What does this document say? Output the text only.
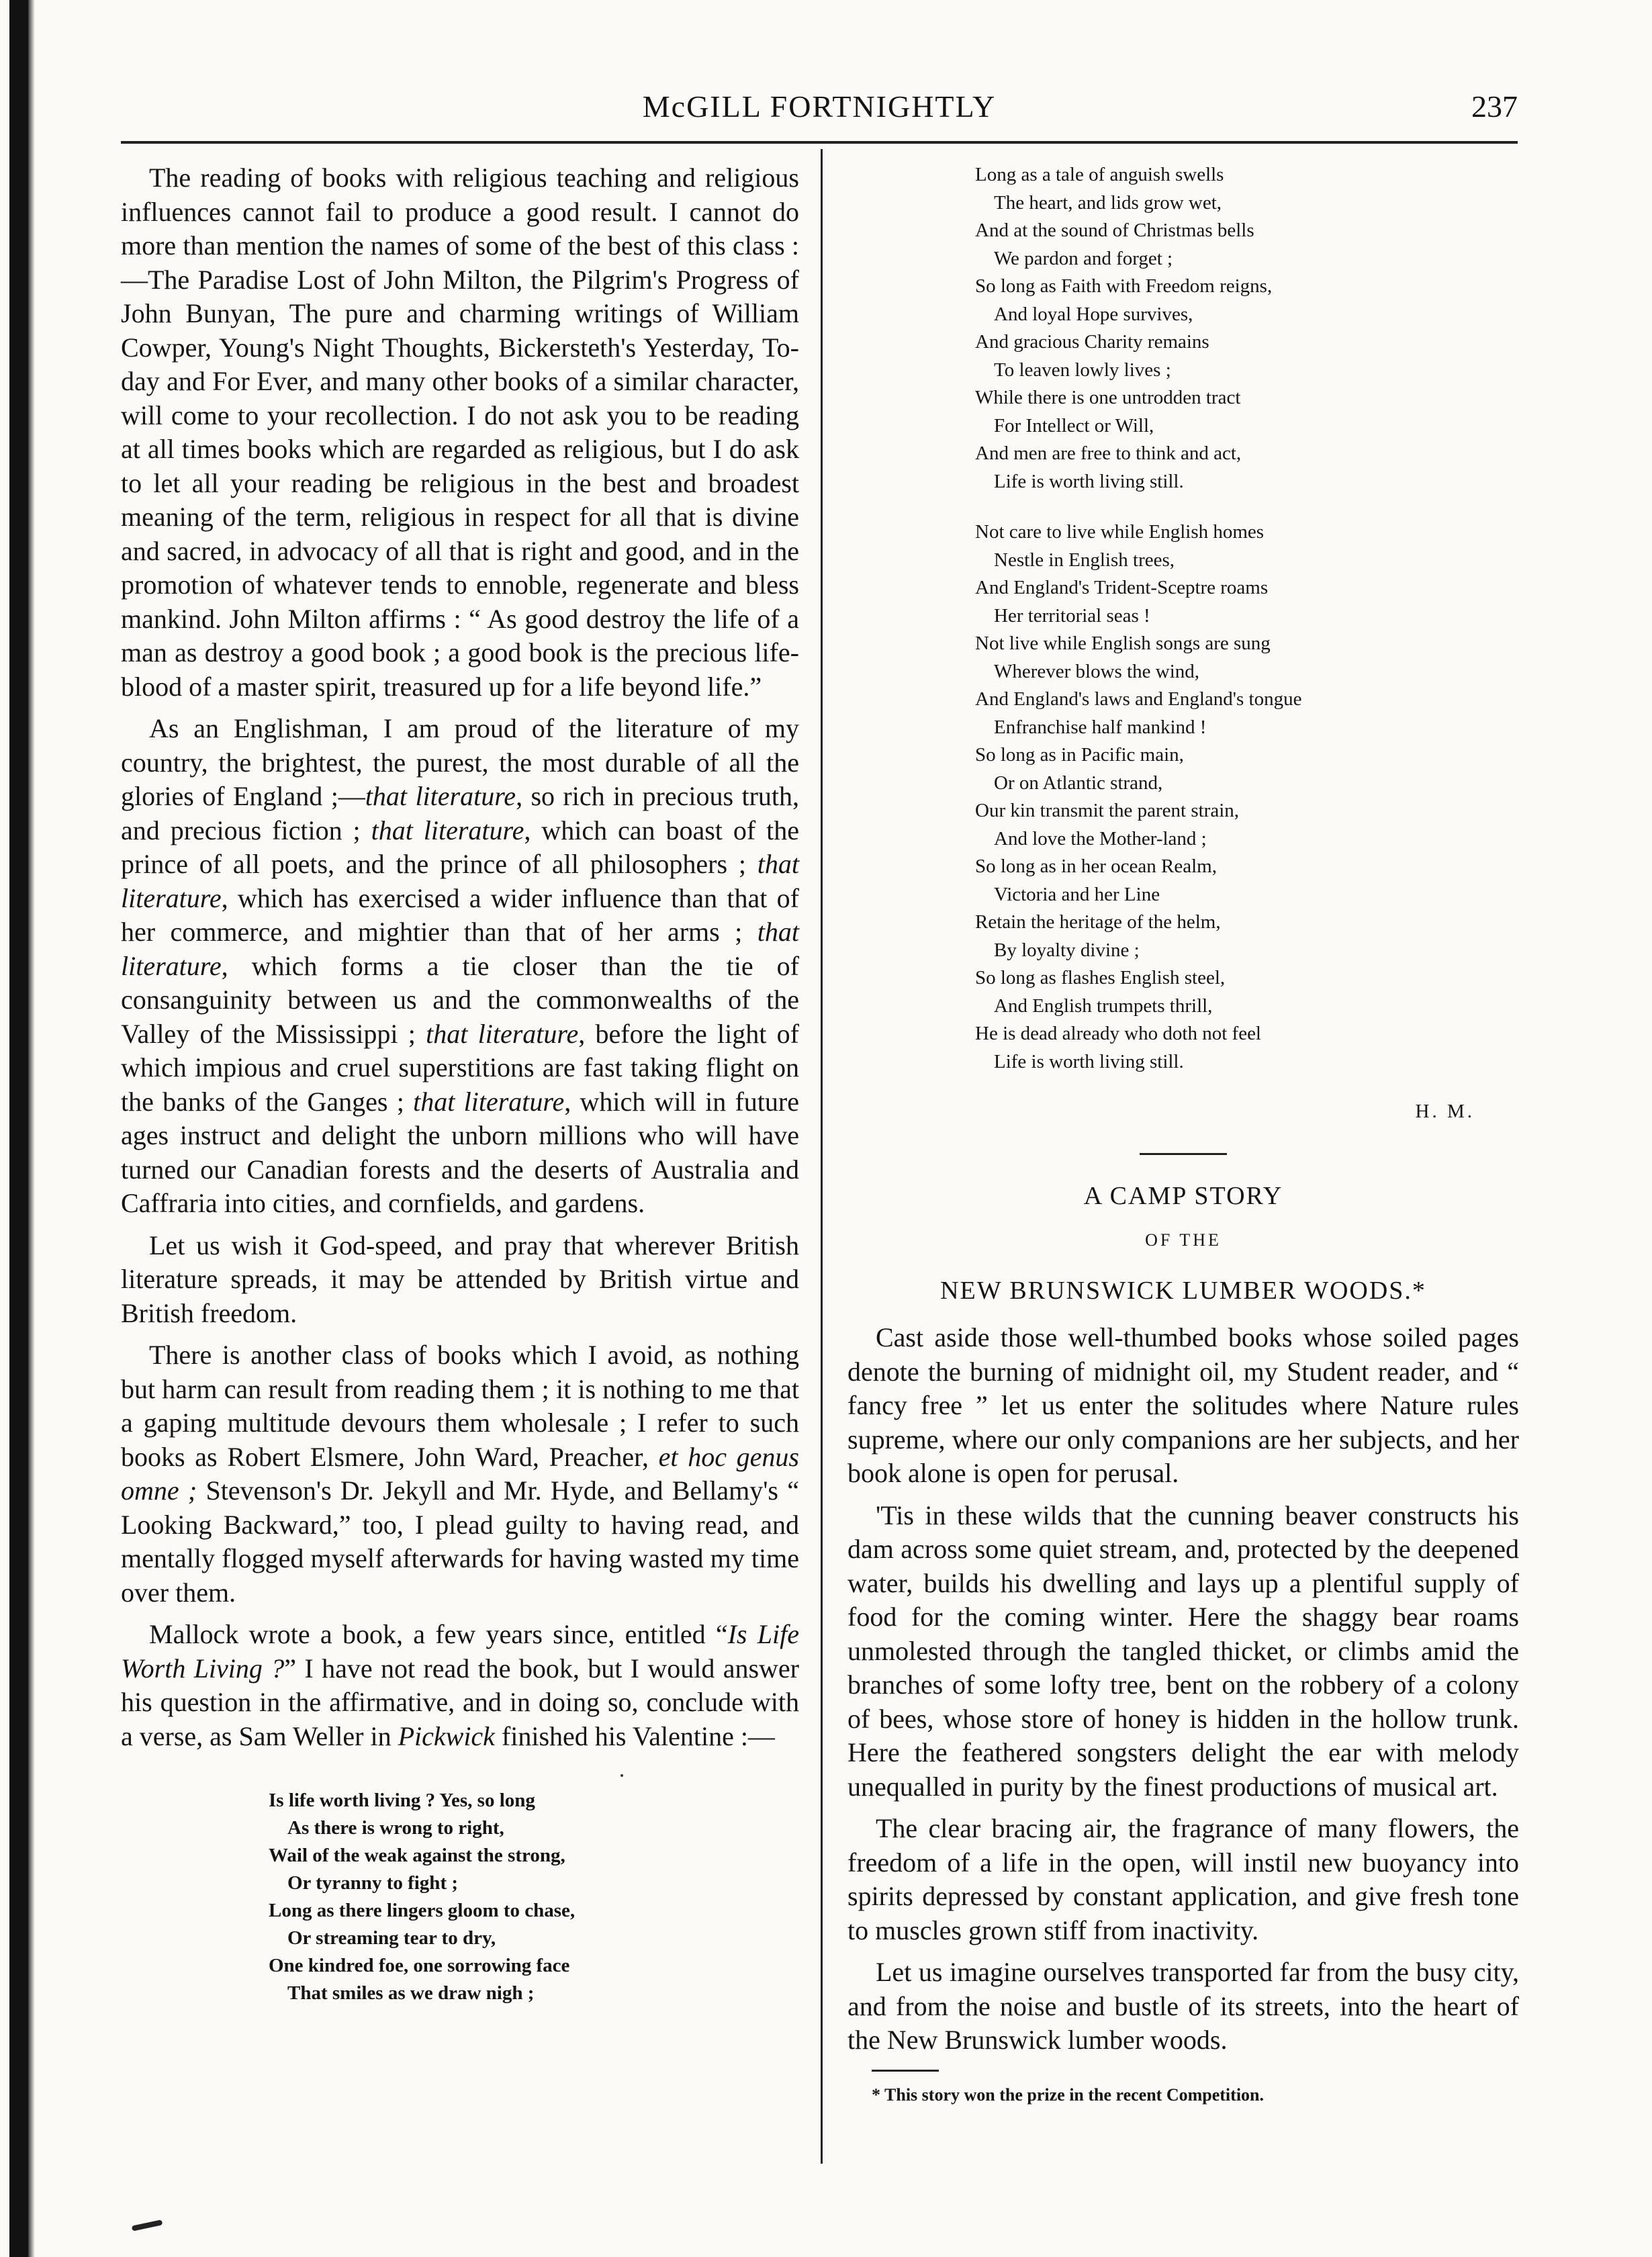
McGILL FORTNIGHTLY	237

The reading of books with religious teaching and religious influences cannot fail to produce a good result. I cannot do more than mention the names of some of the best of this class :—The Paradise Lost of John Milton, the Pilgrim's Progress of John Bunyan, The pure and charming writings of William Cowper, Young's Night Thoughts, Bickersteth's Yesterday, To-day and For Ever, and many other books of a similar character, will come to your recollection. I do not ask you to be reading at all times books which are regarded as religious, but I do ask to let all your reading be religious in the best and broadest meaning of the term, religious in respect for all that is divine and sacred, in advocacy of all that is right and good, and in the promotion of whatever tends to ennoble, regenerate and bless mankind. John Milton affirms : “ As good destroy the life of a man as destroy a good book ; a good book is the precious life-blood of a master spirit, treasured up for a life beyond life.”

As an Englishman, I am proud of the literature of my country, the brightest, the purest, the most durable of all the glories of England ;—that literature, so rich in precious truth, and precious fiction ; that literature, which can boast of the prince of all poets, and the prince of all philosophers ; that literature, which has exercised a wider influence than that of her commerce, and mightier than that of her arms ; that literature, which forms a tie closer than the tie of consanguinity between us and the commonwealths of the Valley of the Mississippi ; that literature, before the light of which impious and cruel superstitions are fast taking flight on the banks of the Ganges ; that literature, which will in future ages instruct and delight the unborn millions who will have turned our Canadian forests and the deserts of Australia and Caffraria into cities, and cornfields, and gardens.

Let us wish it God-speed, and pray that wherever British literature spreads, it may be attended by British virtue and British freedom.

There is another class of books which I avoid, as nothing but harm can result from reading them ; it is nothing to me that a gaping multitude devours them wholesale ; I refer to such books as Robert Elsmere, John Ward, Preacher, et hoc genus omne ; Stevenson's Dr. Jekyll and Mr. Hyde, and Bellamy's “ Looking Backward,” too, I plead guilty to having read, and mentally flogged myself afterwards for having wasted my time over them.

Mallock wrote a book, a few years since, entitled “Is Life Worth Living ?” I have not read the book, but I would answer his question in the affirmative, and in doing so, conclude with a verse, as Sam Weller in Pickwick finished his Valentine :—

Is life worth living ? Yes, so long
As there is wrong to right,
Wail of the weak against the strong,
Or tyranny to fight ;
Long as there lingers gloom to chase,
Or streaming tear to dry,
One kindred foe, one sorrowing face
That smiles as we draw nigh ;
Long as a tale of anguish swells
The heart, and lids grow wet,
And at the sound of Christmas bells
We pardon and forget ;
So long as Faith with Freedom reigns,
And loyal Hope survives,
And gracious Charity remains
To leaven lowly lives ;
While there is one untrodden tract
For Intellect or Will,
And men are free to think and act,
Life is worth living still.
Not care to live while English homes
Nestle in English trees,
And England's Trident-Sceptre roams
Her territorial seas !
Not live while English songs are sung
Wherever blows the wind,
And England's laws and England's tongue
Enfranchise half mankind !
So long as in Pacific main,
Or on Atlantic strand,
Our kin transmit the parent strain,
And love the Mother-land ;
So long as in her ocean Realm,
Victoria and her Line
Retain the heritage of the helm,
By loyalty divine ;
So long as flashes English steel,
And English trumpets thrill,
He is dead already who doth not feel
Life is worth living still.
H. M.
A CAMP STORY
OF THE
NEW BRUNSWICK LUMBER WOODS.*

Cast aside those well-thumbed books whose soiled pages denote the burning of midnight oil, my Student reader, and “ fancy free ” let us enter the solitudes where Nature rules supreme, where our only companions are her subjects, and her book alone is open for perusal.

'Tis in these wilds that the cunning beaver constructs his dam across some quiet stream, and, protected by the deepened water, builds his dwelling and lays up a plentiful supply of food for the coming winter. Here the shaggy bear roams unmolested through the tangled thicket, or climbs amid the branches of some lofty tree, bent on the robbery of a colony of bees, whose store of honey is hidden in the hollow trunk. Here the feathered songsters delight the ear with melody unequalled in purity by the finest productions of musical art.

The clear bracing air, the fragrance of many flowers, the freedom of a life in the open, will instil new buoyancy into spirits depressed by constant application, and give fresh tone to muscles grown stiff from inactivity.

Let us imagine ourselves transported far from the busy city, and from the noise and bustle of its streets, into the heart of the New Brunswick lumber woods.

* This story won the prize in the recent Competition.
